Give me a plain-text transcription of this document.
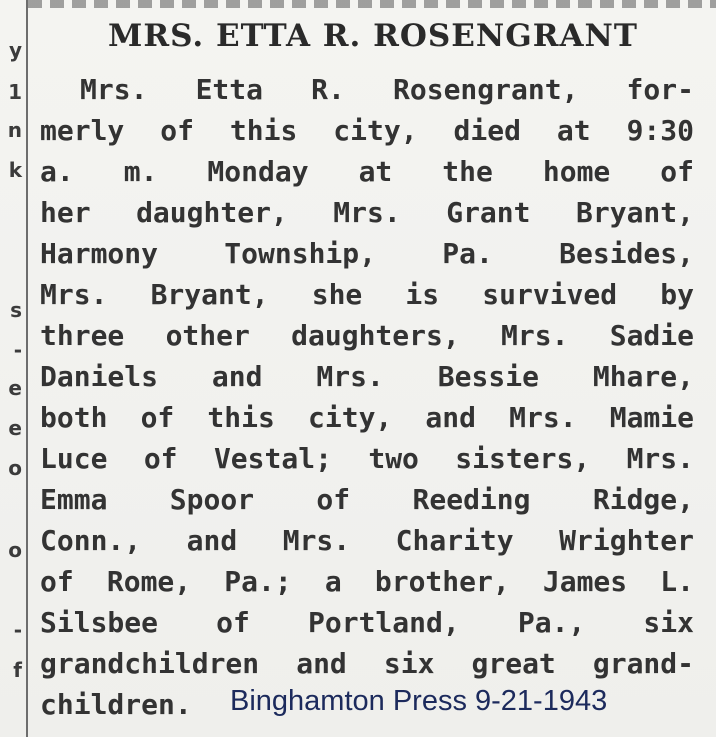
y
1
n
k
s
-
e
e
o
o
-
f
MRS. ETTA R. ROSENGRANT
Mrs. Etta R. Rosengrant, for-
merly of this city, died at 9:30
a. m. Monday at the home of
her daughter, Mrs. Grant Bryant,
Harmony Township, Pa. Besides,
Mrs. Bryant, she is survived by
three other daughters, Mrs. Sadie
Daniels and Mrs. Bessie Mhare,
both of this city, and Mrs. Mamie
Luce of Vestal; two sisters, Mrs.
Emma Spoor of Reeding Ridge,
Conn., and Mrs. Charity Wrighter
of Rome, Pa.; a brother, James L.
Silsbee of Portland, Pa., six
grandchildren and six great grand-
children. Binghamton Press 9-21-1943
